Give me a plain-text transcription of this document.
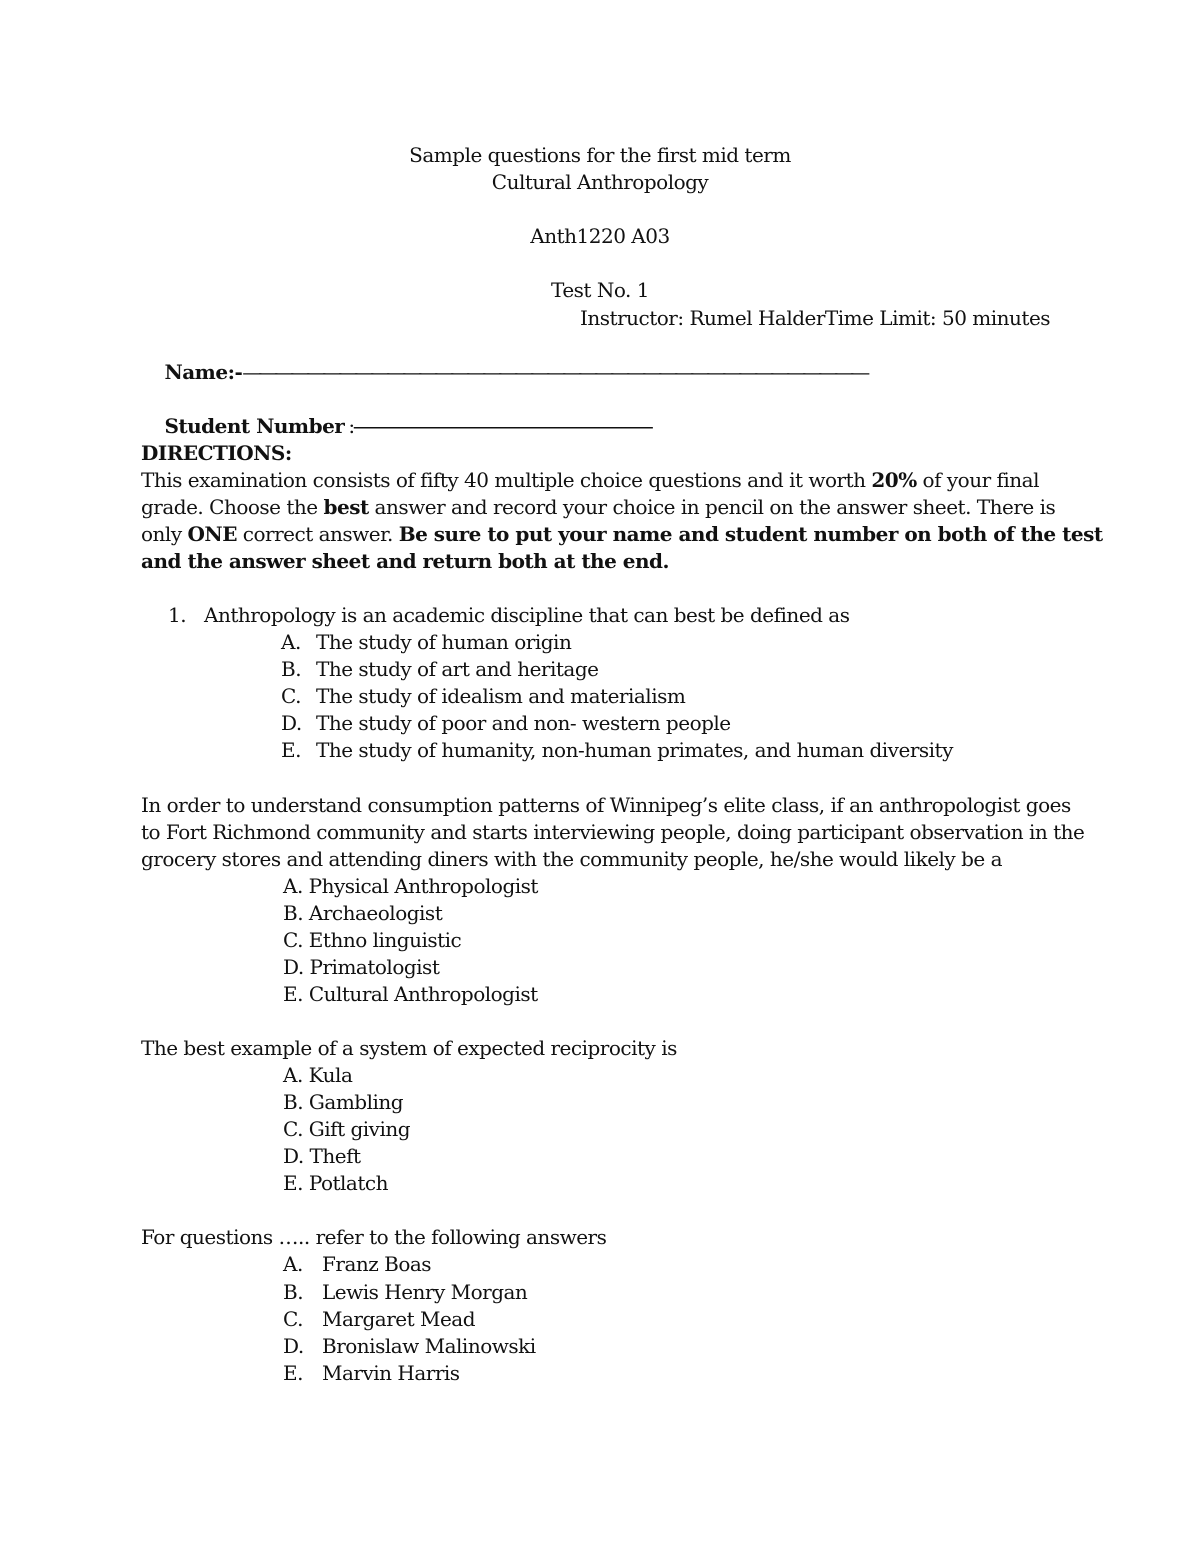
Sample questions for the first mid term
Cultural Anthropology
Anth1220 A03
Test No. 1
Instructor: Rumel HalderTime Limit: 50 minutes

Name:-———————————————————————————————————————

Student Number :-------------------------------------------------------------------

DIRECTIONS:
This examination consists of fifty 40 multiple choice questions and it worth 20% of your final
grade. Choose the best answer and record your choice in pencil on the answer sheet. There is
only ONE correct answer. Be sure to put your name and student number on both of the test
and the answer sheet and return both at the end.
1. Anthropology is an academic discipline that can best be defined as
A. The study of human origin
B. The study of art and heritage
C. The study of idealism and materialism
D. The study of poor and non- western people
E. The study of humanity, non-human primates, and human diversity
In order to understand consumption patterns of Winnipeg’s elite class, if an anthropologist goes
to Fort Richmond community and starts interviewing people, doing participant observation in the
grocery stores and attending diners with the community people, he/she would likely be a
A. Physical Anthropologist
B. Archaeologist
C. Ethno linguistic
D. Primatologist
E. Cultural Anthropologist
The best example of a system of expected reciprocity is
A. Kula
B. Gambling
C. Gift giving
D. Theft
E. Potlatch
For questions ….. refer to the following answers
A. Franz Boas
B. Lewis Henry Morgan
C. Margaret Mead
D. Bronislaw Malinowski
E. Marvin Harris
